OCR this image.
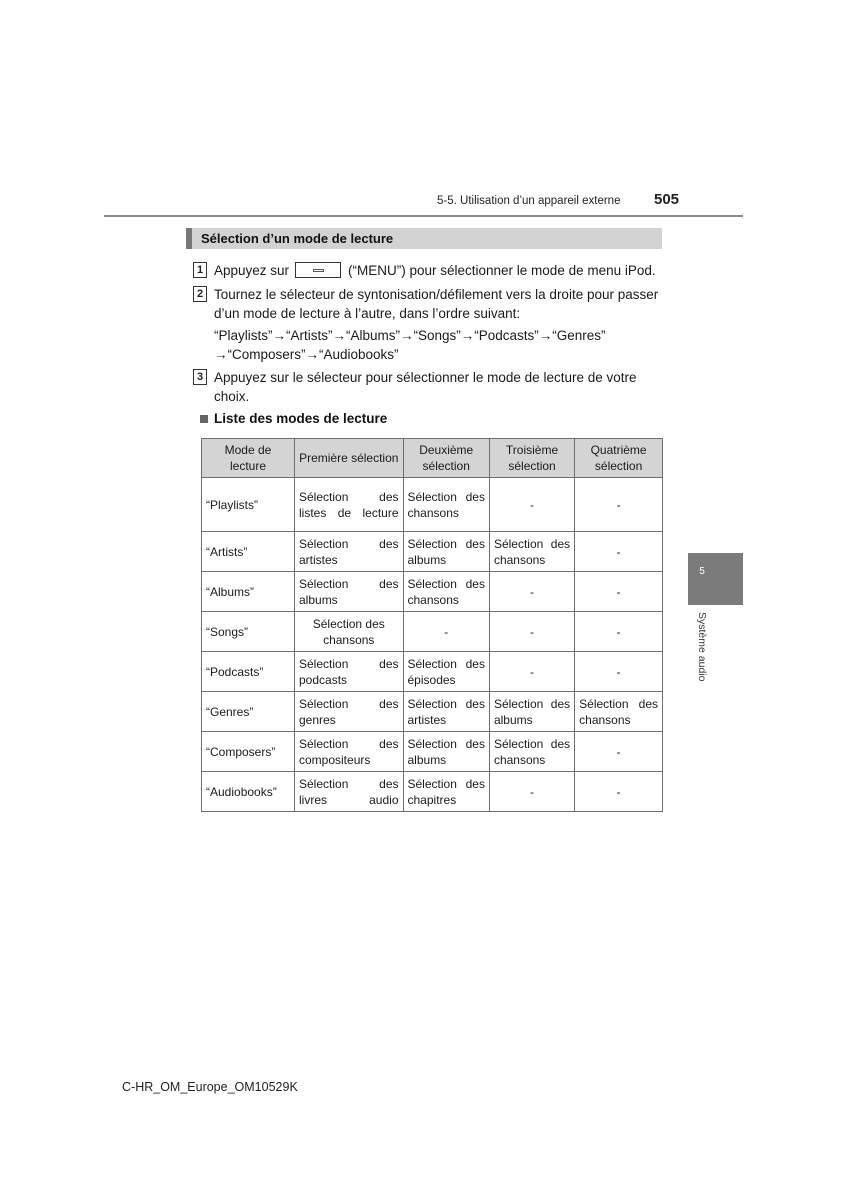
5-5. Utilisation d’un appareil externe 505
5
Système audio
Sélection d’un mode de lecture
1 Appuyez sur	(“MENU”) pour sélectionner le mode de menu iPod.
2 Tournez le sélecteur de syntonisation/défilement vers la droite pour passer
d’un mode de lecture à l’autre, dans l’ordre suivant:
“Playlists”→“Artists”→“Albums”→“Songs”→“Podcasts”→“Genres”
→“Composers”→“Audiobooks”
3 Appuyez sur le sélecteur pour sélectionner le mode de lecture de votre
choix.
Liste des modes de lecture
Mode de lecture	Première sélection	Deuxième sélection	Troisième sélection	Quatrième sélection
“Playlists”	Sélection des listes de lecture	Sélection des chansons	-	-
“Artists”	Sélection des artistes	Sélection des albums	Sélection des chansons	-
“Albums”	Sélection des albums	Sélection des chansons	-	-
“Songs”	Sélection des chansons	-	-	-
“Podcasts”	Sélection des podcasts	Sélection des épisodes	-	-
“Genres”	Sélection des genres	Sélection des artistes	Sélection des albums	Sélection des chansons
“Composers”	Sélection des compositeurs	Sélection des albums	Sélection des chansons	-
“Audiobooks”	Sélection des livres audio	Sélection des chapitres	-	-
C-HR_OM_Europe_OM10529K
